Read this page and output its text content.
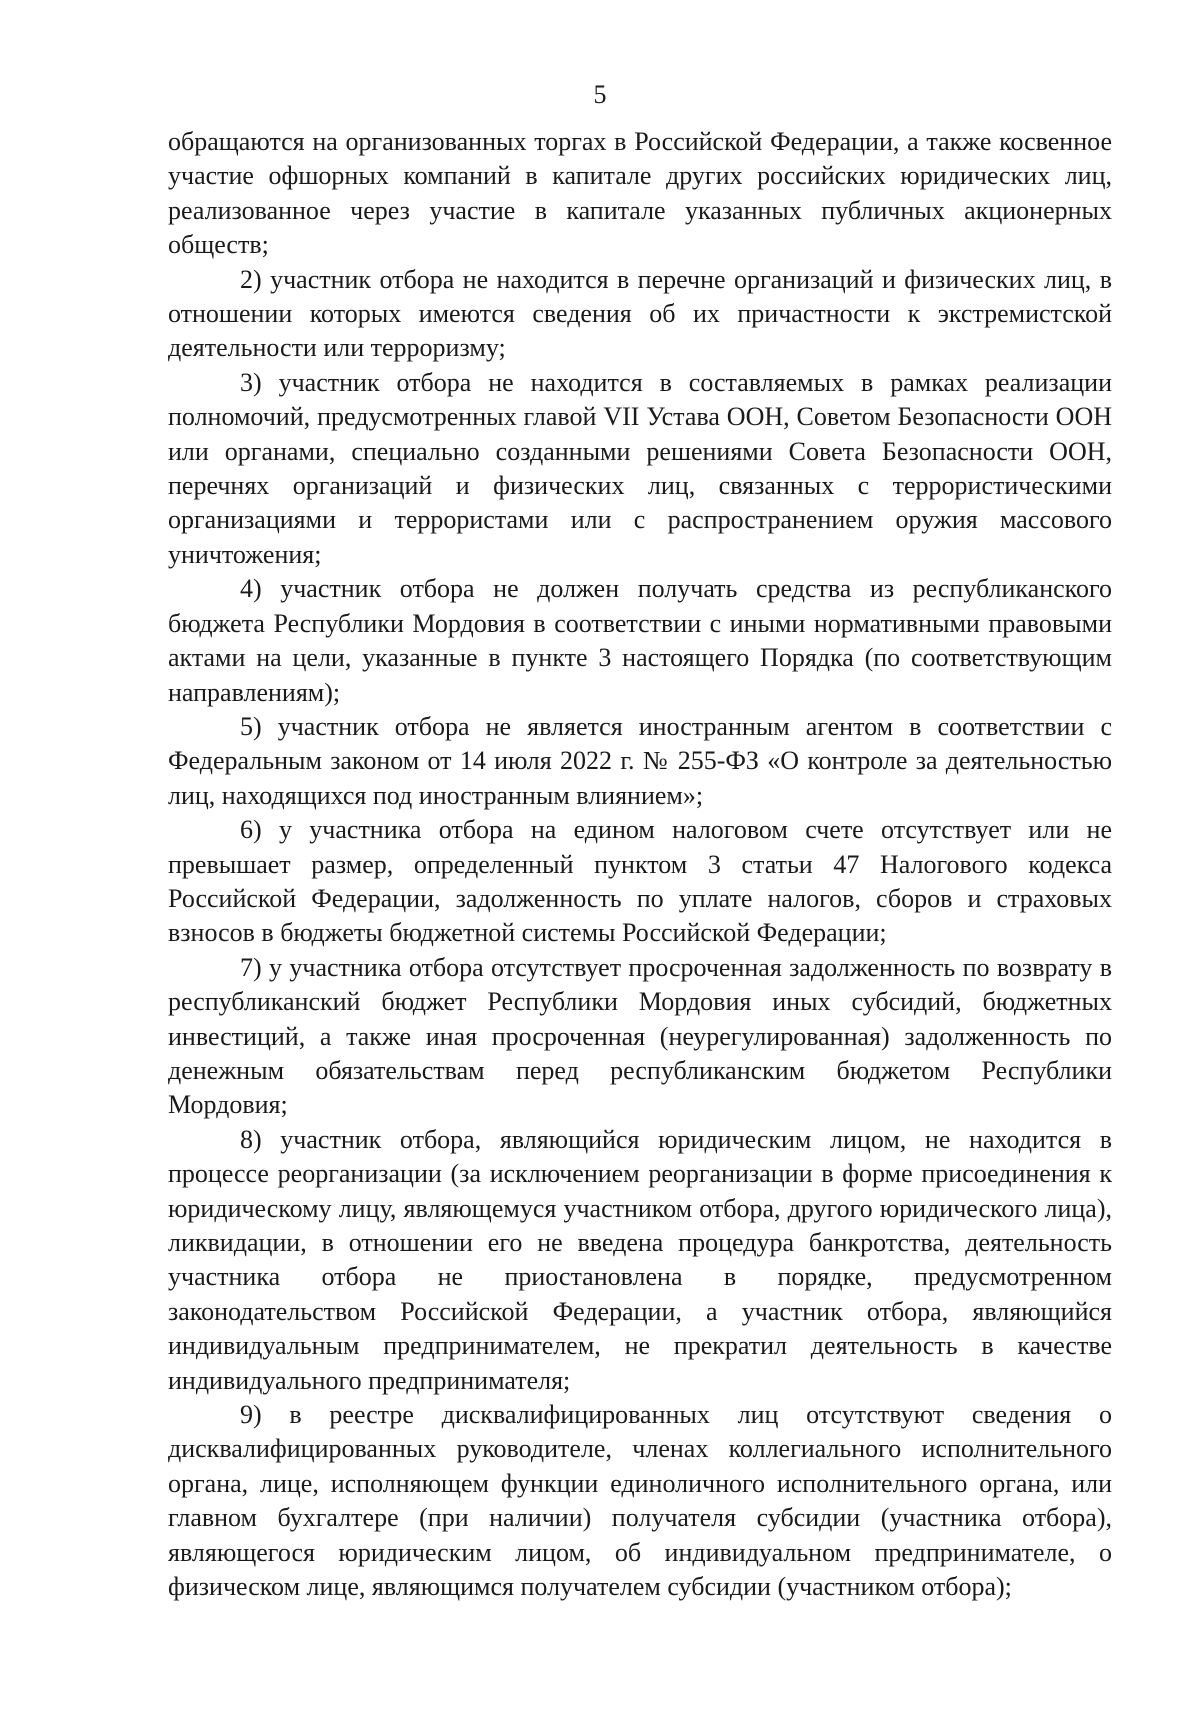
5

обращаются на организованных торгах в Российской Федерации, а также косвенное участие офшорных компаний в капитале других российских юридических лиц, реализованное через участие в капитале указанных публичных акционерных обществ;

2) участник отбора не находится в перечне организаций и физических лиц, в отношении которых имеются сведения об их причастности к экстремистской деятельности или терроризму;

3) участник отбора не находится в составляемых в рамках реализации полномочий, предусмотренных главой VII Устава ООН, Советом Безопасности ООН или органами, специально созданными решениями Совета Безопасности ООН, перечнях организаций и физических лиц, связанных с террористическими организациями и террористами или с распространением оружия массового уничтожения;

4) участник отбора не должен получать средства из республиканского бюджета Республики Мордовия в соответствии с иными нормативными правовыми актами на цели, указанные в пункте 3 настоящего Порядка (по соответствующим направлениям);

5) участник отбора не является иностранным агентом в соответствии с Федеральным законом от 14 июля 2022 г. № 255-ФЗ «О контроле за деятельностью лиц, находящихся под иностранным влиянием»;

6) у участника отбора на едином налоговом счете отсутствует или не превышает размер, определенный пунктом 3 статьи 47 Налогового кодекса Российской Федерации, задолженность по уплате налогов, сборов и страховых взносов в бюджеты бюджетной системы Российской Федерации;

7) у участника отбора отсутствует просроченная задолженность по возврату в республиканский бюджет Республики Мордовия иных субсидий, бюджетных инвестиций, а также иная просроченная (неурегулированная) задолженность по денежным обязательствам перед республиканским бюджетом Республики Мордовия;

8) участник отбора, являющийся юридическим лицом, не находится в процессе реорганизации (за исключением реорганизации в форме присоединения к юридическому лицу, являющемуся участником отбора, другого юридического лица), ликвидации, в отношении его не введена процедура банкротства, деятельность участника отбора не приостановлена в порядке, предусмотренном законодательством Российской Федерации, а участник отбора, являющийся индивидуальным предпринимателем, не прекратил деятельность в качестве индивидуального предпринимателя;

9) в реестре дисквалифицированных лиц отсутствуют сведения о дисквалифицированных руководителе, членах коллегиального исполнительного органа, лице, исполняющем функции единоличного исполнительного органа, или главном бухгалтере (при наличии) получателя субсидии (участника отбора), являющегося юридическим лицом, об индивидуальном предпринимателе, о физическом лице, являющимся получателем субсидии (участником отбора);
